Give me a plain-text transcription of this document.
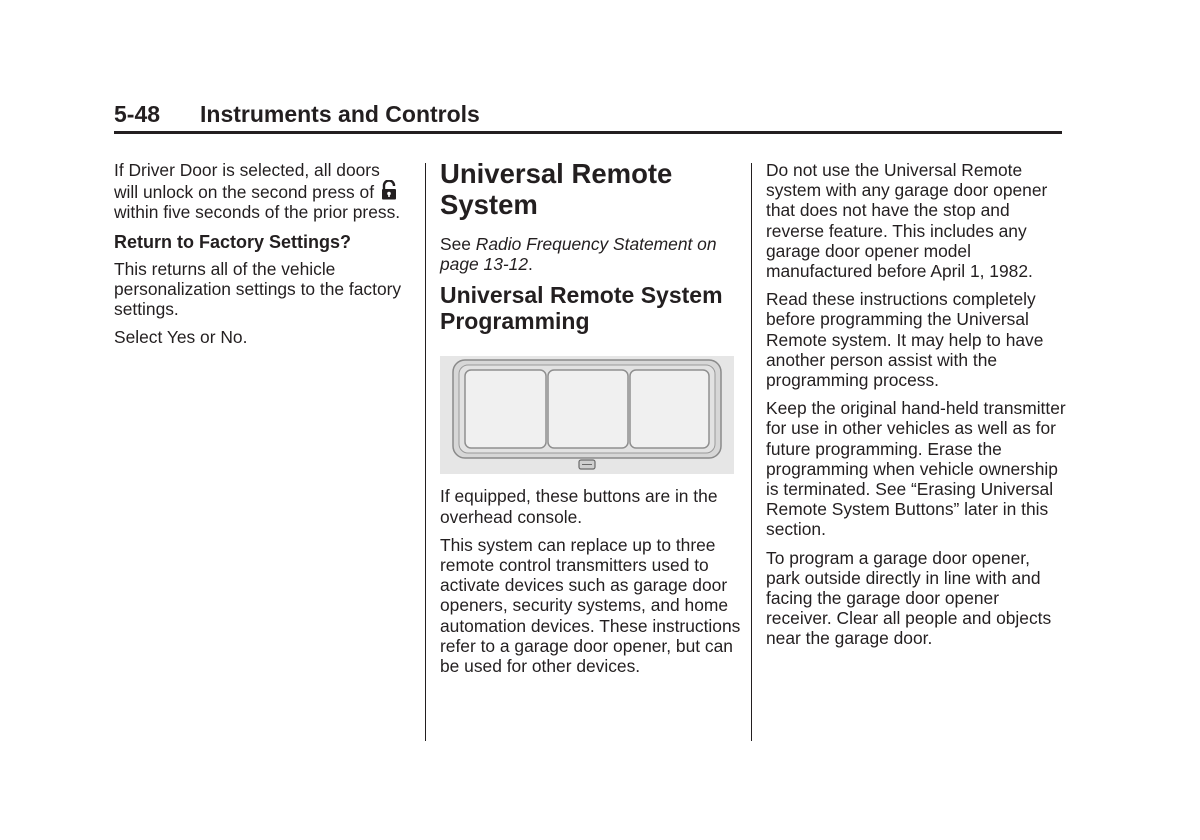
5-48 Instruments and Controls

If Driver Door is selected, all doors will unlock on the second press of  within five seconds of the prior press.

Return to Factory Settings?

This returns all of the vehicle personalization settings to the factory settings.

Select Yes or No.

Universal Remote System

See Radio Frequency Statement on page 13-12.

Universal Remote System Programming

If equipped, these buttons are in the overhead console.

This system can replace up to three remote control transmitters used to activate devices such as garage door openers, security systems, and home automation devices. These instructions refer to a garage door opener, but can be used for other devices.

Do not use the Universal Remote system with any garage door opener that does not have the stop and reverse feature. This includes any garage door opener model manufactured before April 1, 1982.

Read these instructions completely before programming the Universal Remote system. It may help to have another person assist with the programming process.

Keep the original hand-held transmitter for use in other vehicles as well as for future programming. Erase the programming when vehicle ownership is terminated. See “Erasing Universal Remote System Buttons” later in this section.

To program a garage door opener, park outside directly in line with and facing the garage door opener receiver. Clear all people and objects near the garage door.
